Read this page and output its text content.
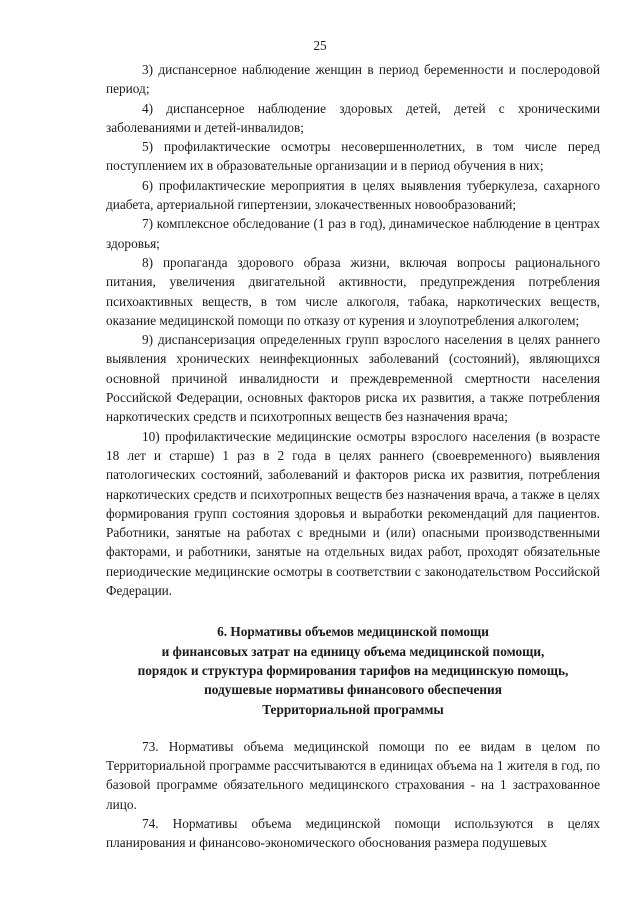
25

3) диспансерное наблюдение женщин в период беременности и послеродовой период;

4) диспансерное наблюдение здоровых детей, детей с хроническими заболеваниями и детей-инвалидов;

5) профилактические осмотры несовершеннолетних, в том числе перед поступлением их в образовательные организации и в период обучения в них;

6) профилактические мероприятия в целях выявления туберкулеза, сахарного диабета, артериальной гипертензии, злокачественных новообразований;

7) комплексное обследование (1 раз в год), динамическое наблюдение в центрах здоровья;

8) пропаганда здорового образа жизни, включая вопросы рационального питания, увеличения двигательной активности, предупреждения потребления психоактивных веществ, в том числе алкоголя, табака, наркотических веществ, оказание медицинской помощи по отказу от курения и злоупотребления алкоголем;

9) диспансеризация определенных групп взрослого населения в целях раннего выявления хронических неинфекционных заболеваний (состояний), являющихся основной причиной инвалидности и преждевременной смертности населения Российской Федерации, основных факторов риска их развития, а также потребления наркотических средств и психотропных веществ без назначения врача;

10) профилактические медицинские осмотры взрослого населения (в возрасте 18 лет и старше) 1 раз в 2 года в целях раннего (своевременного) выявления патологических состояний, заболеваний и факторов риска их развития, потребления наркотических средств и психотропных веществ без назначения врача, а также в целях формирования групп состояния здоровья и выработки рекомендаций для пациентов. Работники, занятые на работах с вредными и (или) опасными производственными факторами, и работники, занятые на отдельных видах работ, проходят обязательные периодические медицинские осмотры в соответствии с законодательством Российской Федерации.

6. Нормативы объемов медицинской помощи
и финансовых затрат на единицу объема медицинской помощи,
порядок и структура формирования тарифов на медицинскую помощь,
подушевые нормативы финансового обеспечения
Территориальной программы

73. Нормативы объема медицинской помощи по ее видам в целом по Территориальной программе рассчитываются в единицах объема на 1 жителя в год, по базовой программе обязательного медицинского страхования - на 1 застрахованное лицо.

74. Нормативы объема медицинской помощи используются в целях планирования и финансово-экономического обоснования размера подушевых
